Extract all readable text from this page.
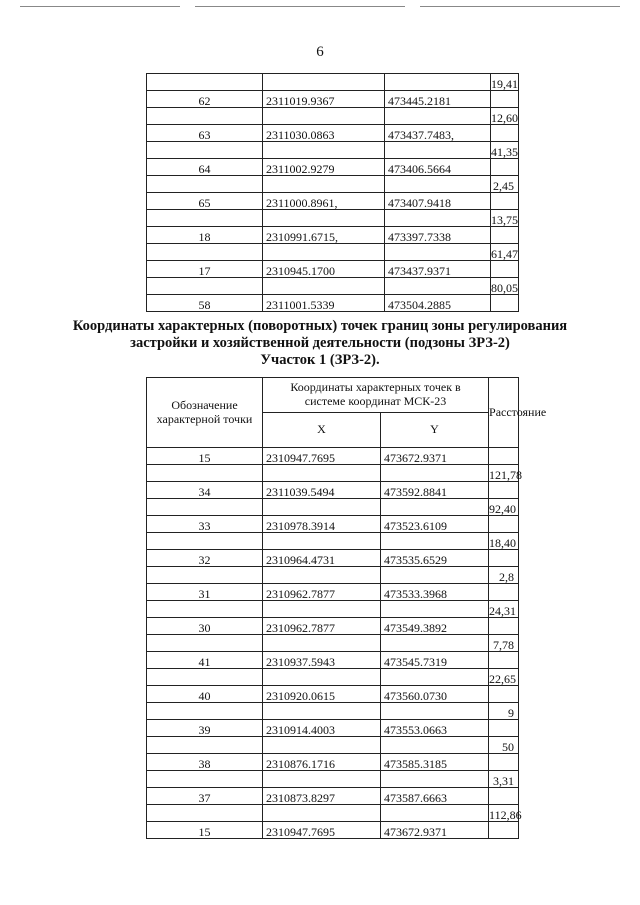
6
			19,41
62	2311019.9367	473445.2181	
			12,60
63	2311030.0863	473437.7483,	
			41,35
64	2311002.9279	473406.5664	
			2,45
65	2311000.8961,	473407.9418	
			13,75
18	2310991.6715,	473397.7338	
			61,47
17	2310945.1700	473437.9371	
			80,05
58	2311001.5339	473504.2885	
Координаты характерных (поворотных) точек границ зоны регулирования
застройки и хозяйственной деятельности (подзоны ЗРЗ-2)
Участок 1 (ЗРЗ-2).
Обозначение характерной точки	Координаты характерных точек в системе координат МСК-23		Расстояние
	X	Y	
15	2310947.7695	473672.9371	
			121,78
34	2311039.5494	473592.8841	
			92,40
33	2310978.3914	473523.6109	
			18,40
32	2310964.4731	473535.6529	
			2,8
31	2310962.7877	473533.3968	
			24,31
30	2310962.7877	473549.3892	
			7,78
41	2310937.5943	473545.7319	
			22,65
40	2310920.0615	473560.0730	
			9
39	2310914.4003	473553.0663	
			50
38	2310876.1716	473585.3185	
			3,31
37	2310873.8297	473587.6663	
			112,86
15	2310947.7695	473672.9371	
